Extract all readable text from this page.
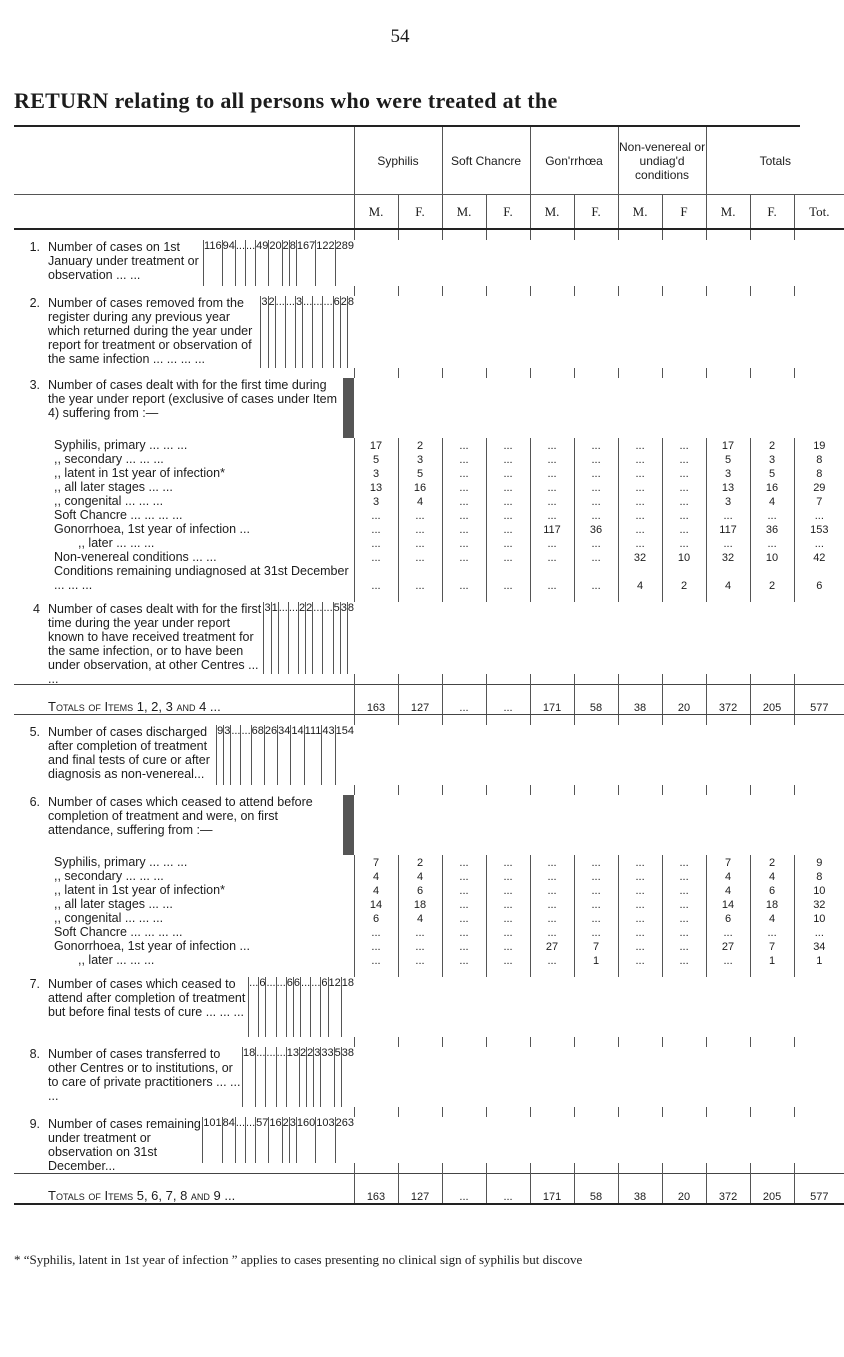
54
RETURN relating to all persons who were treated at the
	Syphilis	Soft Chancre	Gon'rrhœa	Non-venereal or undiag'd conditions	Totals
	M.	F.	M.	F.	M.	F.	M.	F	M.	F.	Tot.

1. Number of cases on 1st January under treatment or observation ... ...
116 94 ... ... 49 20 2 8 167 122 289

2. Number of cases removed from the register during any previous year which returned during the year under report for treatment or observation of the same infection ... ... ... ...
3 2 ... ... 3 ... ... ... 6 2 8

3. Number of cases dealt with for the first time during the year under report (exclusive of cases under Item 4) suffering from :—
Syphilis, primary ... ... ...	17	2	...	...	...	...	...	...	17	2	19

,, secondary ... ... ...	5	3	...	...	...	...	...	...	5	3	8

,, latent in 1st year of infection*	3	5	...	...	...	...	...	...	3	5	8

,, all later stages ... ...	13	16	...	...	...	...	...	...	13	16	29

,, congenital ... ... ...	3	4	...	...	...	...	...	...	3	4	7

Soft Chancre ... ... ... ...	...	...	...	...	...	...	...	...	...	...	...

Gonorrhoea, 1st year of infection ...	...	...	...	...	117	36	...	...	117	36	153

,, later ... ... ...	...	...	...	...	...	...	...	...	...	...	...

Non-venereal conditions ... ...	...	...	...	...	...	...	32	10	32	10	42

Conditions remaining undiagnosed at 31st December ... ... ...	...	...	...	...	...	...	4	2	4	2	6

4 Number of cases dealt with for the first time during the year under report known to have received treatment for the same infection, or to have been under observation, at other Centres ... ...
3 1 ... ... 2 2 ... ... 5 3 8

Totals of Items 1, 2, 3 and 4 ...	163	127	...	...	171	58	38	20	372	205	577

5. Number of cases discharged after completion of treatment and final tests of cure or after diagnosis as non-venereal...
9 3 ... ... 68 26 34 14 111 43 154

6. Number of cases which ceased to attend before completion of treatment and were, on first attendance, suffering from :—
Syphilis, primary ... ... ...	7	2	...	...	...	...	...	...	7	2	9

,, secondary ... ... ...	4	4	...	...	...	...	...	...	4	4	8

,, latent in 1st year of infection*	4	6	...	...	...	...	...	...	4	6	10

,, all later stages ... ...	14	18	...	...	...	...	...	...	14	18	32

,, congenital ... ... ...	6	4	...	...	...	...	...	...	6	4	10

Soft Chancre ... ... ... ...	...	...	...	...	...	...	...	...	...	...	...

Gonorrhoea, 1st year of infection ...	...	...	...	...	27	7	...	...	27	7	34

,, later ... ... ...	...	...	...	...	...	1	...	...	...	1	1

7. Number of cases which ceased to attend after completion of treatment but before final tests of cure ... ... ...
... 6 ... ... 6 6 ... ... 6 12 18

8. Number of cases transferred to other Centres or to institutions, or to care of private practitioners ... ... ...
18 ... ... ... 13 2 2 3 33 5 38

9. Number of cases remaining under treatment or observation on 31st December...
101 84 ... ... 57 16 2 3 160 103 263

Totals of Items 5, 6, 7, 8 and 9 ...	163	127	...	...	171	58	38	20	372	205	577
* “Syphilis, latent in 1st year of infection ” applies to cases presenting no clinical sign of syphilis but discove
